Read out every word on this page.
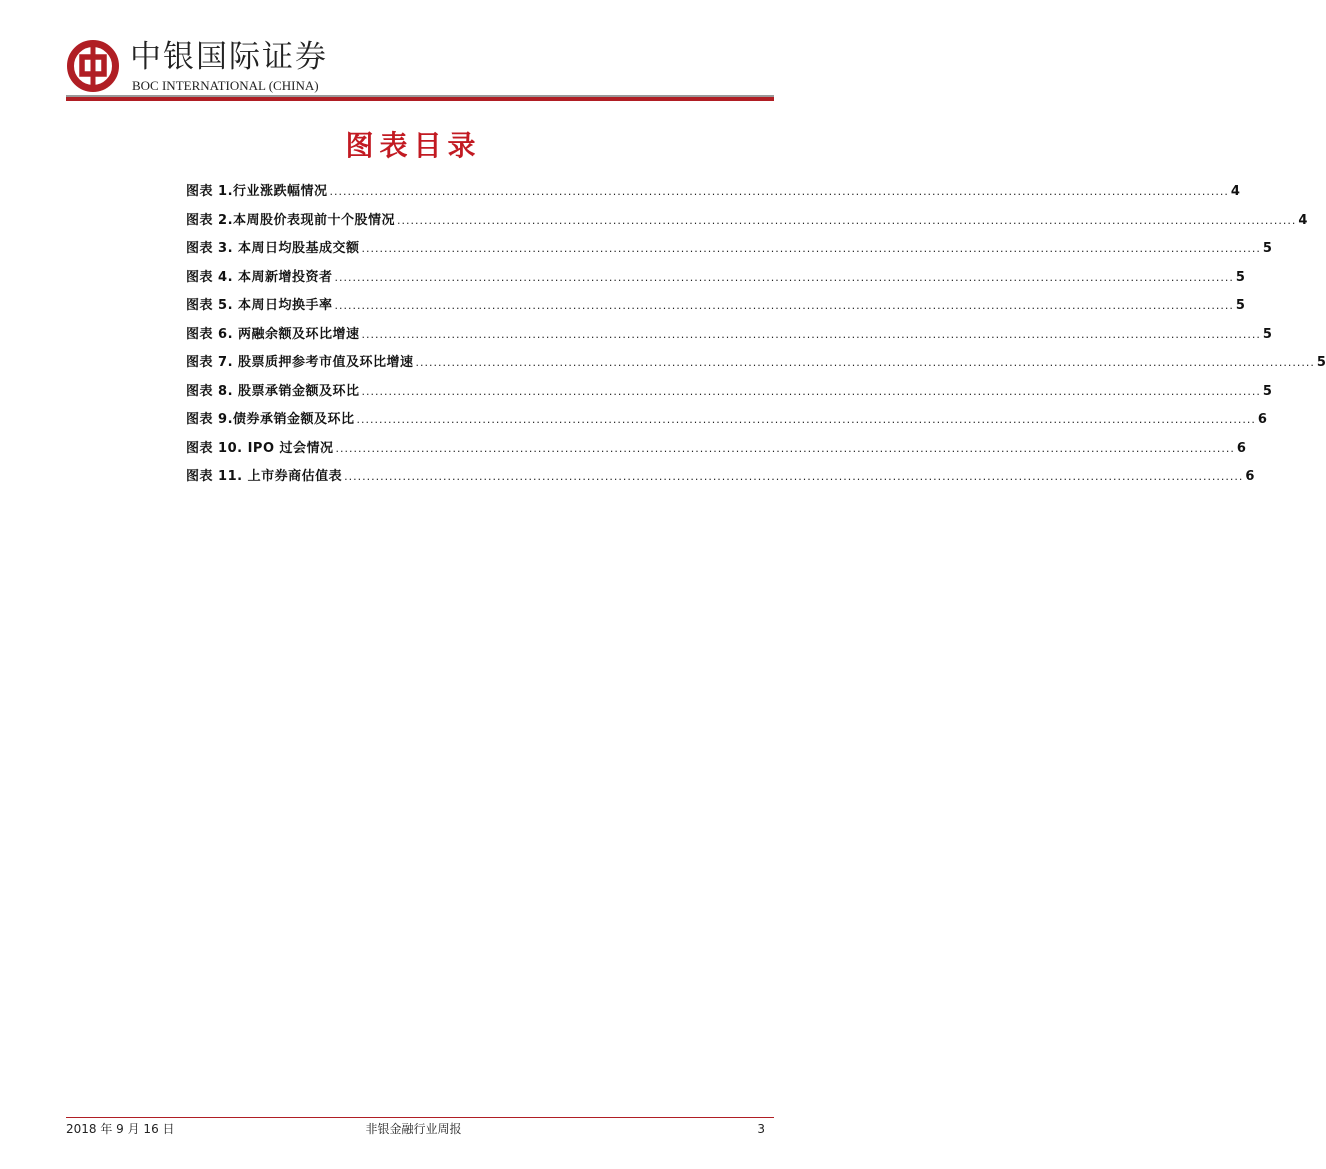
中银国际证券
BOC INTERNATIONAL (CHINA)
图表目录
图表 1.行业涨跌幅情况 ........................................................................................................................................................................................................ 4
图表 2.本周股价表现前十个股情况 ........................................................................................................................................................................................................ 4
图表 3. 本周日均股基成交额 ........................................................................................................................................................................................................ 5
图表 4. 本周新增投资者 ........................................................................................................................................................................................................ 5
图表 5. 本周日均换手率 ........................................................................................................................................................................................................ 5
图表 6. 两融余额及环比增速 ........................................................................................................................................................................................................ 5
图表 7. 股票质押参考市值及环比增速 ........................................................................................................................................................................................................ 5
图表 8. 股票承销金额及环比 ........................................................................................................................................................................................................ 5
图表 9.债券承销金额及环比 ........................................................................................................................................................................................................ 6
图表 10. IPO 过会情况 ........................................................................................................................................................................................................ 6
图表 11. 上市券商估值表 ........................................................................................................................................................................................................ 6
2018 年 9 月 16 日	非银金融行业周报	3
